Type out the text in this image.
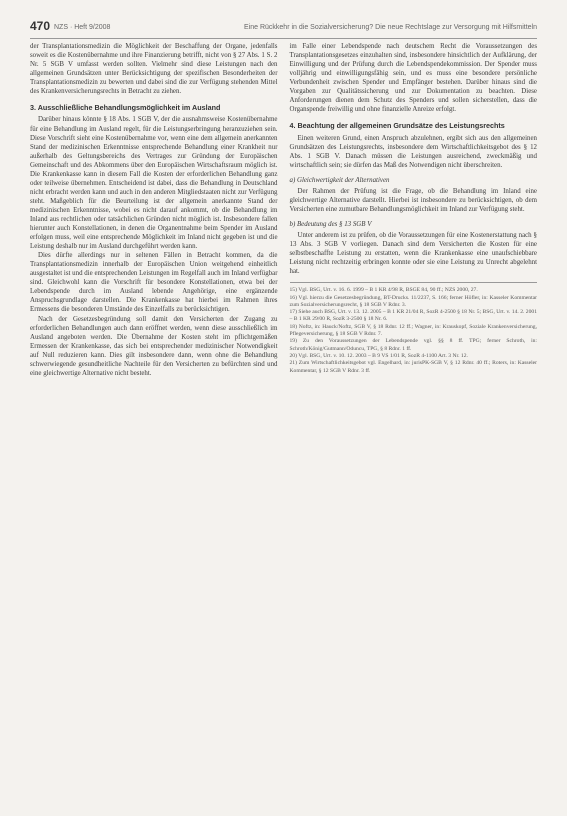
470 NZS · Heft 9/2008	Eine Rückkehr in die Sozialversicherung? Die neue Rechtslage zur Versorgung mit Hilfsmitteln

der Transplantationsmedizin die Möglichkeit der Beschaffung der Organe, jedenfalls soweit es die Kostenübernahme und ihre Finanzierung betrifft, nicht von § 27 Abs. 1 S. 2 Nr. 5 SGB V umfasst werden sollten. Vielmehr sind diese Leistungen nach den allgemeinen Grundsätzen unter Berücksichtigung der spezifischen Besonderheiten der Transplantationsmedizin zu bewerten und dabei sind die zur Verfügung stehenden Mittel des Krankenversicherungsrechts in Betracht zu ziehen.

3. Ausschließliche Behandlungsmöglichkeit im Ausland

Darüber hinaus könnte § 18 Abs. 1 SGB V, der die ausnahmsweise Kostenübernahme für eine Behandlung im Ausland regelt, für die Leistungserbringung heranzuziehen sein. Diese Vorschrift sieht eine Kostenübernahme vor, wenn eine dem allgemein anerkannten Stand der medizinischen Erkenntnisse entsprechende Behandlung einer Krankheit nur außerhalb des Geltungsbereichs des Vertrages zur Gründung der Europäischen Gemeinschaft und des Abkommens über den Europäischen Wirtschaftsraum möglich ist. Die Krankenkasse kann in diesem Fall die Kosten der erforderlichen Behandlung ganz oder teilweise übernehmen. Entscheidend ist dabei, dass die Behandlung in Deutschland nicht erbracht werden kann und auch in den anderen Mitgliedstaaten nicht zur Verfügung steht. Maßgeblich für die Beurteilung ist der allgemein anerkannte Stand der medizinischen Erkenntnisse, wobei es nicht darauf ankommt, ob die Behandlung im Inland aus rechtlichen oder tatsächlichen Gründen nicht möglich ist. Insbesondere fallen hierunter auch Konstellationen, in denen die Organentnahme beim Spender im Ausland erfolgen muss, weil eine entsprechende Möglichkeit im Inland nicht gegeben ist und die Leistung deshalb nur im Ausland durchgeführt werden kann.

Dies dürfte allerdings nur in seltenen Fällen in Betracht kommen, da die Transplantationsmedizin innerhalb der Europäischen Union weitgehend einheitlich ausgestaltet ist und die entsprechenden Leistungen im Regelfall auch im Inland verfügbar sind. Gleichwohl kann die Vorschrift für besondere Konstellationen, etwa bei der Lebendspende durch im Ausland lebende Angehörige, eine ergänzende Anspruchsgrundlage darstellen. Die Krankenkasse hat hierbei im Rahmen ihres Ermessens die besonderen Umstände des Einzelfalls zu berücksichtigen.

Nach der Gesetzesbegründung soll damit den Versicherten der Zugang zu erforderlichen Behandlungen auch dann eröffnet werden, wenn diese ausschließlich im Ausland angeboten werden. Die Übernahme der Kosten steht im pflichtgemäßen Ermessen der Krankenkasse, das sich bei entsprechender medizinischer Notwendigkeit auf Null reduzieren kann. Dies gilt insbesondere dann, wenn ohne die Behandlung schwerwiegende gesundheitliche Nachteile für den Versicherten zu befürchten sind und eine gleichwertige Alternative nicht besteht.

im Falle einer Lebendspende nach deutschem Recht die Voraussetzungen des Transplantationsgesetzes einzuhalten sind, insbesondere hinsichtlich der Aufklärung, der Einwilligung und der Prüfung durch die Lebendspendekommission. Der Spender muss volljährig und einwilligungsfähig sein, und es muss eine besondere persönliche Verbundenheit zwischen Spender und Empfänger bestehen. Darüber hinaus sind die Vorgaben zur Qualitätssicherung und zur Dokumentation zu beachten. Diese Anforderungen dienen dem Schutz des Spenders und sollen sicherstellen, dass die Organspende freiwillig und ohne finanzielle Anreize erfolgt.

4. Beachtung der allgemeinen Grundsätze des Leistungsrechts

Einen weiteren Grund, einen Anspruch abzulehnen, ergibt sich aus den allgemeinen Grundsätzen des Leistungsrechts, insbesondere dem Wirtschaftlichkeitsgebot des § 12 Abs. 1 SGB V. Danach müssen die Leistungen ausreichend, zweckmäßig und wirtschaftlich sein; sie dürfen das Maß des Notwendigen nicht überschreiten.

a) Gleichwertigkeit der Alternativen

Der Rahmen der Prüfung ist die Frage, ob die Behandlung im Inland eine gleichwertige Alternative darstellt. Hierbei ist insbesondere zu berücksichtigen, ob dem Versicherten eine zumutbare Behandlungsmöglichkeit im Inland zur Verfügung steht.

b) Bedeutung des § 13 SGB V

Unter anderem ist zu prüfen, ob die Voraussetzungen für eine Kostenerstattung nach § 13 Abs. 3 SGB V vorliegen. Danach sind dem Versicherten die Kosten für eine selbstbeschaffte Leistung zu erstatten, wenn die Krankenkasse eine unaufschiebbare Leistung nicht rechtzeitig erbringen konnte oder sie eine Leistung zu Unrecht abgelehnt hat.

15) Vgl. BSG, Urt. v. 16. 6. 1999 – B 1 KR 4/98 R, BSGE 84, 90 ff.; NZS 2000, 27.
16) Vgl. hierzu die Gesetzesbegründung, BT-Drucks. 11/2237, S. 166; ferner Höfler, in: Kasseler Kommentar zum Sozialversicherungsrecht, § 18 SGB V Rdnr. 3.
17) Siehe auch BSG, Urt. v. 13. 12. 2005 – B 1 KR 21/04 R, SozR 4-2500 § 18 Nr. 5; BSG, Urt. v. 14. 2. 2001 – B 1 KR 29/00 R, SozR 3-2500 § 18 Nr. 6.
18) Noftz, in: Hauck/Noftz, SGB V, § 18 Rdnr. 12 ff.; Wagner, in: Krauskopf, Soziale Krankenversicherung, Pflegeversicherung, § 18 SGB V Rdnr. 7.
19) Zu den Voraussetzungen der Lebendspende vgl. §§ 8 ff. TPG; ferner Schroth, in: Schroth/König/Gutmann/Oduncu, TPG, § 8 Rdnr. 1 ff.
20) Vgl. BSG, Urt. v. 10. 12. 2003 – B 9 VS 1/01 R, SozR 4-1100 Art. 3 Nr. 12.
21) Zum Wirtschaftlichkeitsgebot vgl. Engelhard, in: jurisPK-SGB V, § 12 Rdnr. 40 ff.; Roters, in: Kasseler Kommentar, § 12 SGB V Rdnr. 3 ff.
